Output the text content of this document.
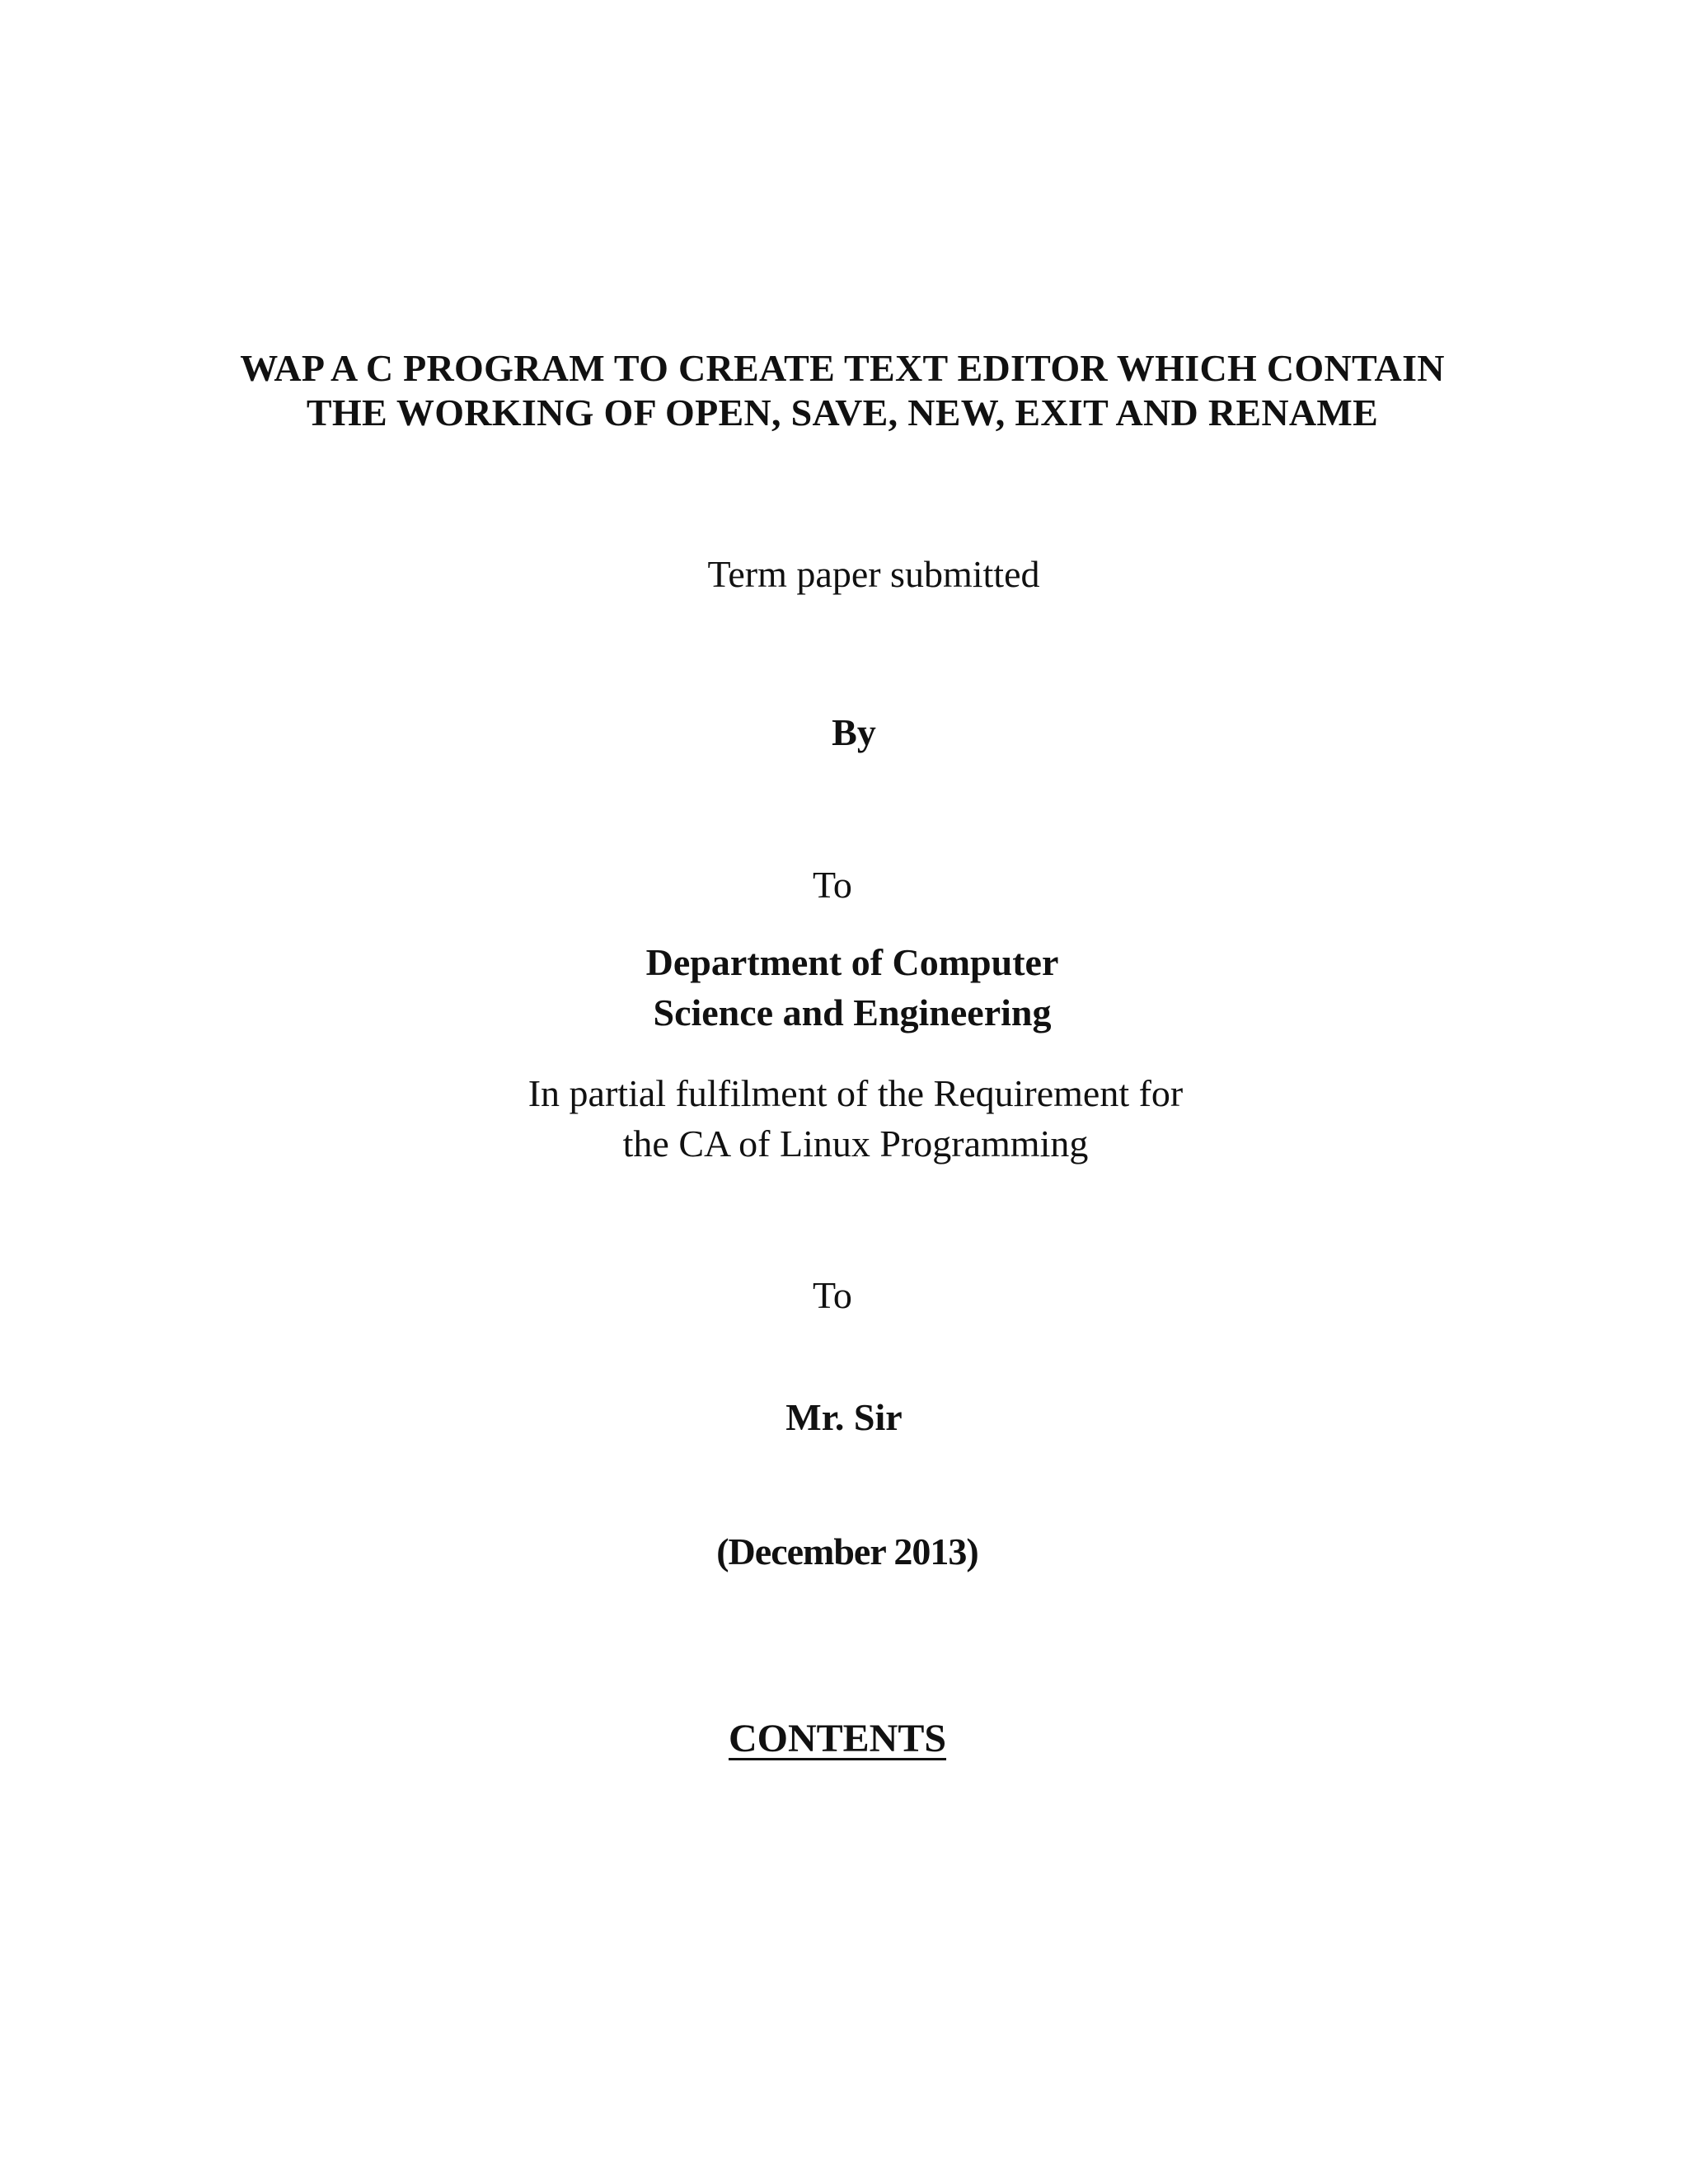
WAP A C PROGRAM TO CREATE TEXT EDITOR WHICH CONTAIN
THE WORKING OF OPEN, SAVE, NEW, EXIT AND RENAME
Term paper submitted
By
To
Department of Computer
Science and Engineering
In partial fulfilment of the Requirement for
the CA of Linux Programming
To
Mr. Sir
(December 2013)
CONTENTS
